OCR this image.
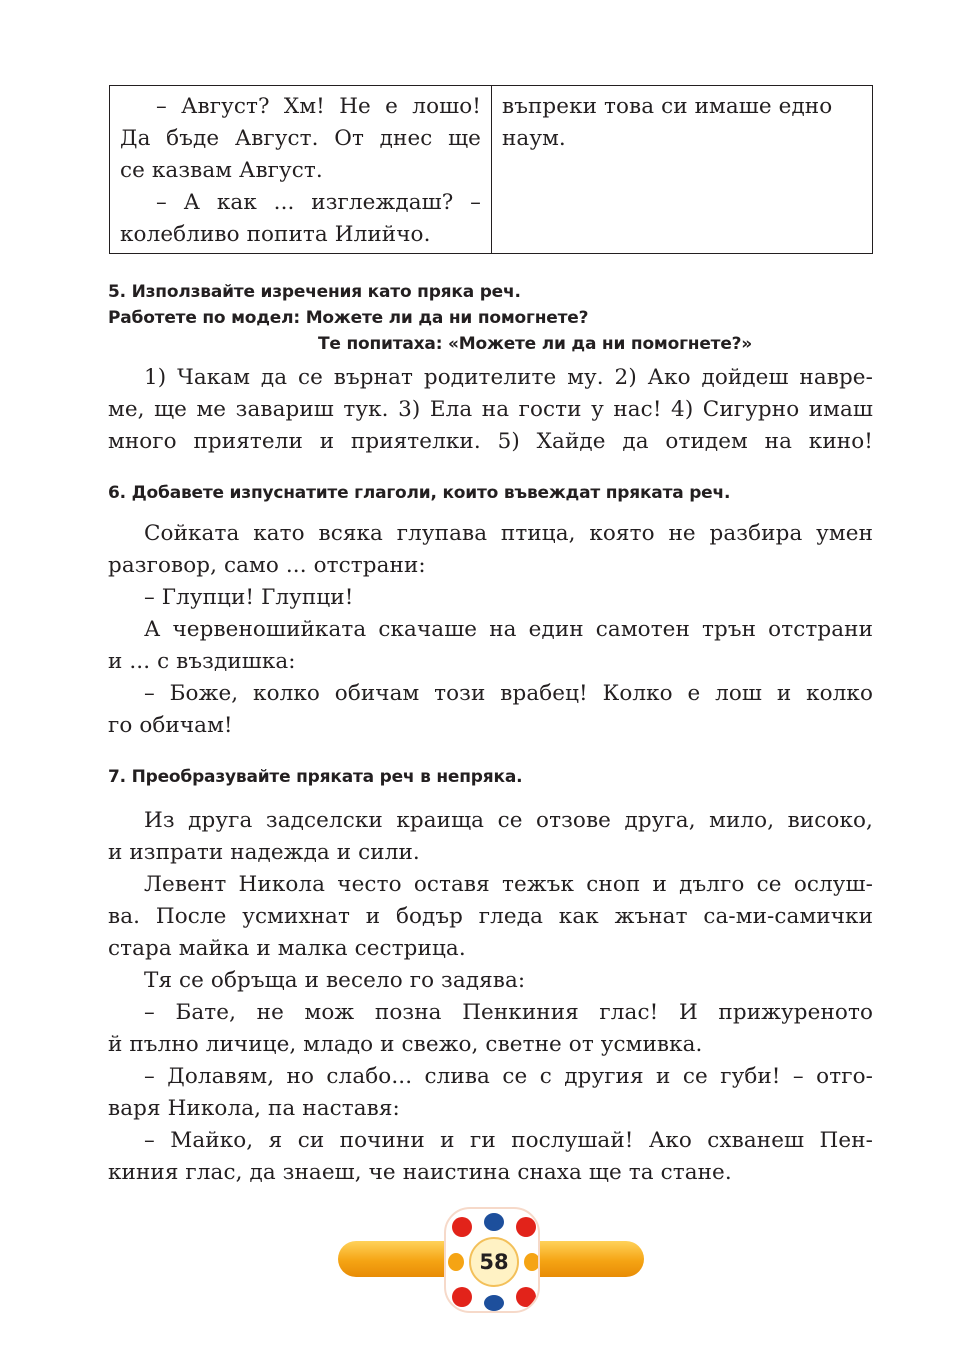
– Август? Хм! Не е лошо!
Да бъде Август. От днес ще
се казвам Август.
– А как ... изглеждаш? –
колебливо попита Илийчо.
въпреки това си имаше едно
наум.
5. Използвайте изречения като пряка реч.
Работете по модел: Можете ли да ни помогнете?
Те попитаха: «Можете ли да ни помогнете?»
1) Чакам да се върнат родителите му. 2) Ако дойдеш навре-
ме, ще ме завариш тук. 3) Ела на гости у нас! 4) Сигурно имаш
много приятели и приятелки. 5) Хайде да отидем на кино!
6. Добавете изпуснатите глаголи, които въвеждат пряката реч.
Сойката като всяка глупава птица, която не разбира умен
разговор, само ... отстрани:
– Глупци! Глупци!
А червеношийката скачаше на един самотен трън отстрани
и ... с въздишка:
– Боже, колко обичам този врабец! Колко е лош и колко
го обичам!
7. Преобразувайте пряката реч в непряка.
Из друга задселски краища се отзове друга, мило, високо,
и изпрати надежда и сили.
Левент Никола често оставя тежък сноп и дълго се ослуш-
ва. После усмихнат и бодър гледа как жънат са-ми-самички
стара майка и малка сестрица.
Тя се обръща и весело го задява:
– Бате, не мож позна Пенкиния глас! И прижуреното
й пълно личице, младо и свежо, светне от усмивка.
– Долавям, но слабо... слива се с другия и се губи! – отго-
варя Никола, па наставя:
– Майко, я си почини и ги послушай! Ако схванеш Пен-
киния глас, да знаеш, че наистина снаха ще та стане.
58
